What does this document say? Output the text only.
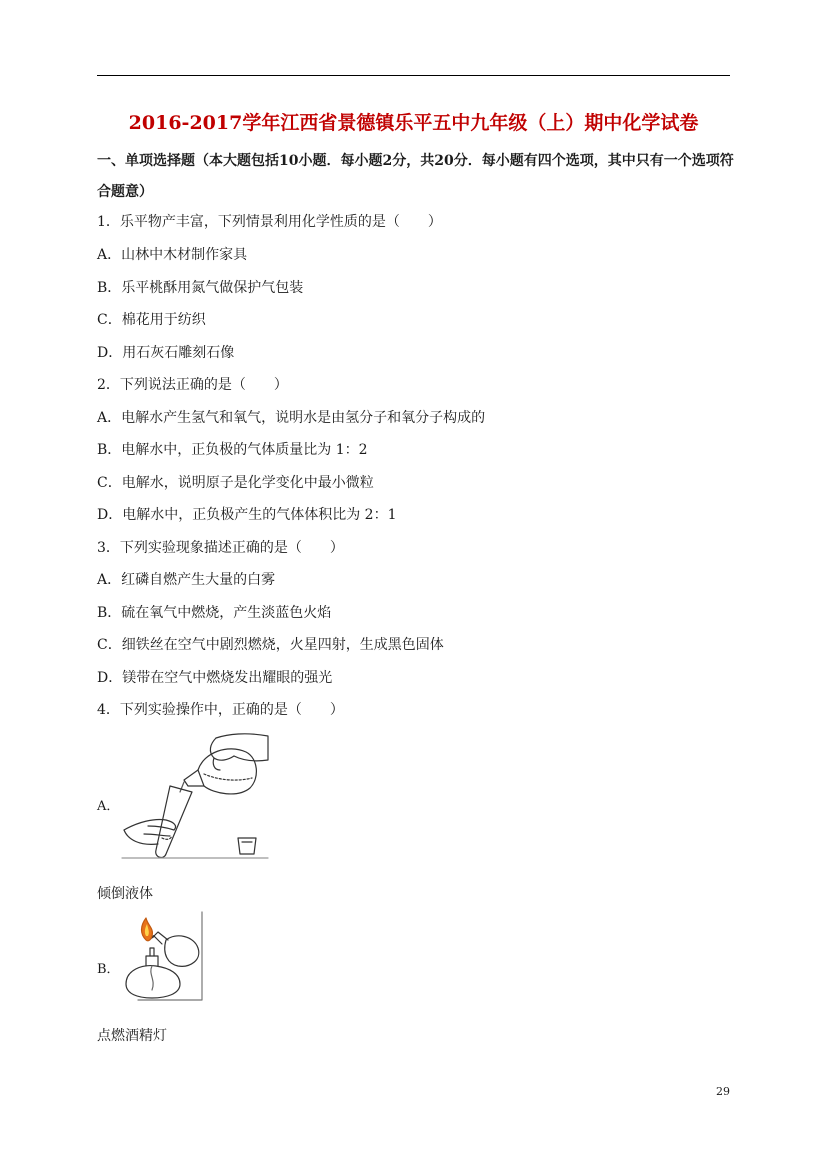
2016-2017学年江西省景德镇乐平五中九年级（上）期中化学试卷
一、单项选择题（本大题包括10小题．每小题2分，共20分．每小题有四个选项，其中只有一个选项符合题意）
1．乐平物产丰富，下列情景利用化学性质的是（　　）
A．山林中木材制作家具
B．乐平桃酥用氮气做保护气包装
C．棉花用于纺织
D．用石灰石雕刻石像
2．下列说法正确的是（　　）
A．电解水产生氢气和氧气，说明水是由氢分子和氧分子构成的
B．电解水中，正负极的气体质量比为 1：2
C．电解水，说明原子是化学变化中最小微粒
D．电解水中，正负极产生的气体体积比为 2：1
3．下列实验现象描述正确的是（　　）
A．红磷自燃产生大量的白雾
B．硫在氧气中燃烧，产生淡蓝色火焰
C．细铁丝在空气中剧烈燃烧，火星四射，生成黑色固体
D．镁带在空气中燃烧发出耀眼的强光
4．下列实验操作中，正确的是（　　）
A．
倾倒液体
B．
点燃酒精灯
29
